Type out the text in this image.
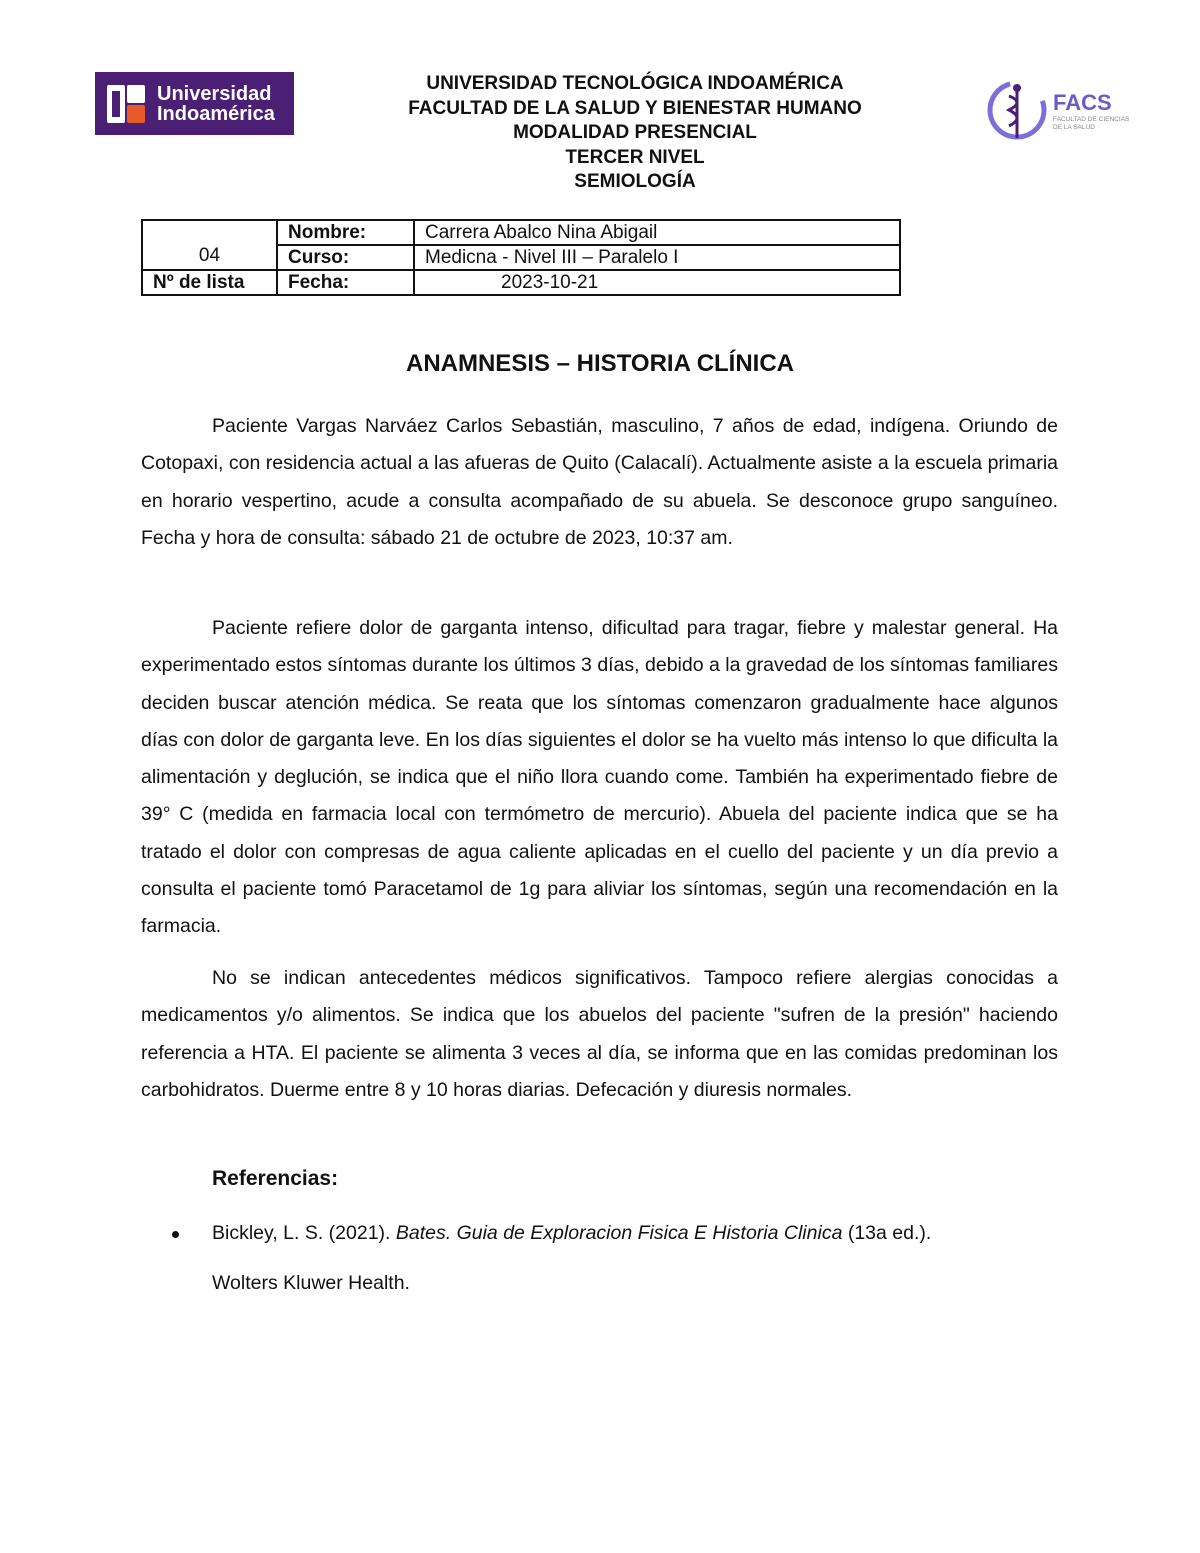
Universidad
Indoamérica	FACS
FACULTAD DE CIENCIAS DE LA SALUD
UNIVERSIDAD TECNOLÓGICA INDOAMÉRICA
FACULTAD DE LA SALUD Y BIENESTAR HUMANO
MODALIDAD PRESENCIAL
TERCER NIVEL
SEMIOLOGÍA
04	Nombre:	Carrera Abalco Nina Abigail
	Curso:	Medicna - Nivel III – Paralelo I
Nº de lista	Fecha:	2023-10-21
ANAMNESIS – HISTORIA CLÍNICA

Paciente Vargas Narváez Carlos Sebastián, masculino, 7 años de edad, indígena. Oriundo de Cotopaxi, con residencia actual a las afueras de Quito (Calacalí). Actualmente asiste a la escuela primaria en horario vespertino, acude a consulta acompañado de su abuela. Se desconoce grupo sanguíneo. Fecha y hora de consulta: sábado 21 de octubre de 2023, 10:37 am.

Paciente refiere dolor de garganta intenso, dificultad para tragar, fiebre y malestar general. Ha experimentado estos síntomas durante los últimos 3 días, debido a la gravedad de los síntomas familiares deciden buscar atención médica. Se reata que los síntomas comenzaron gradualmente hace algunos días con dolor de garganta leve. En los días siguientes el dolor se ha vuelto más intenso lo que dificulta la alimentación y deglución, se indica que el niño llora cuando come. También ha experimentado fiebre de 39° C (medida en farmacia local con termómetro de mercurio). Abuela del paciente indica que se ha tratado el dolor con compresas de agua caliente aplicadas en el cuello del paciente y un día previo a consulta el paciente tomó Paracetamol de 1g para aliviar los síntomas, según una recomendación en la farmacia.

No se indican antecedentes médicos significativos. Tampoco refiere alergias conocidas a medicamentos y/o alimentos. Se indica que los abuelos del paciente "sufren de la presión" haciendo referencia a HTA. El paciente se alimenta 3 veces al día, se informa que en las comidas predominan los carbohidratos. Duerme entre 8 y 10 horas diarias. Defecación y diuresis normales.

Referencias:
Bickley, L. S. (2021). Bates. Guia de Exploracion Fisica E Historia Clinica (13a ed.).
Wolters Kluwer Health.
